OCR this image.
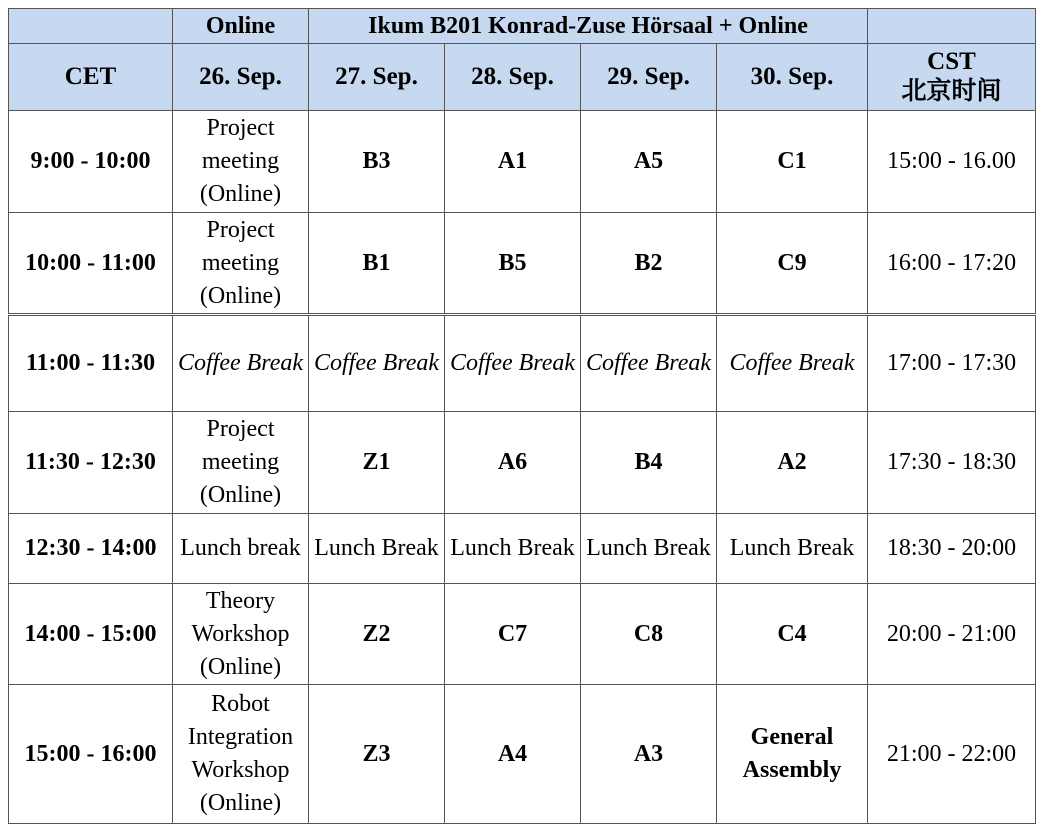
	Online	Ikum B201 Konrad-Zuse Hörsaal + Online				
CET	26. Sep.	27. Sep.	28. Sep.	29. Sep.	30. Sep.	CST
北京时间

9:00 - 10:00	Project meeting (Online)	B3	A1	A5	C1	15:00 - 16.00
10:00 - 11:00	Project meeting (Online)	B1	B5	B2	C9	16:00 - 17:20
11:00 - 11:30	Coffee Break	Coffee Break	Coffee Break	Coffee Break	Coffee Break	17:00 - 17:30
11:30 - 12:30	Project meeting (Online)	Z1	A6	B4	A2	17:30 - 18:30
12:30 - 14:00	Lunch break	Lunch Break	Lunch Break	Lunch Break	Lunch Break	18:30 - 20:00
14:00 - 15:00	Theory Workshop (Online)	Z2	C7	C8	C4	20:00 - 21:00
15:00 - 16:00	Robot Integration Workshop (Online)	Z3	A4	A3	General Assembly	21:00 - 22:00
